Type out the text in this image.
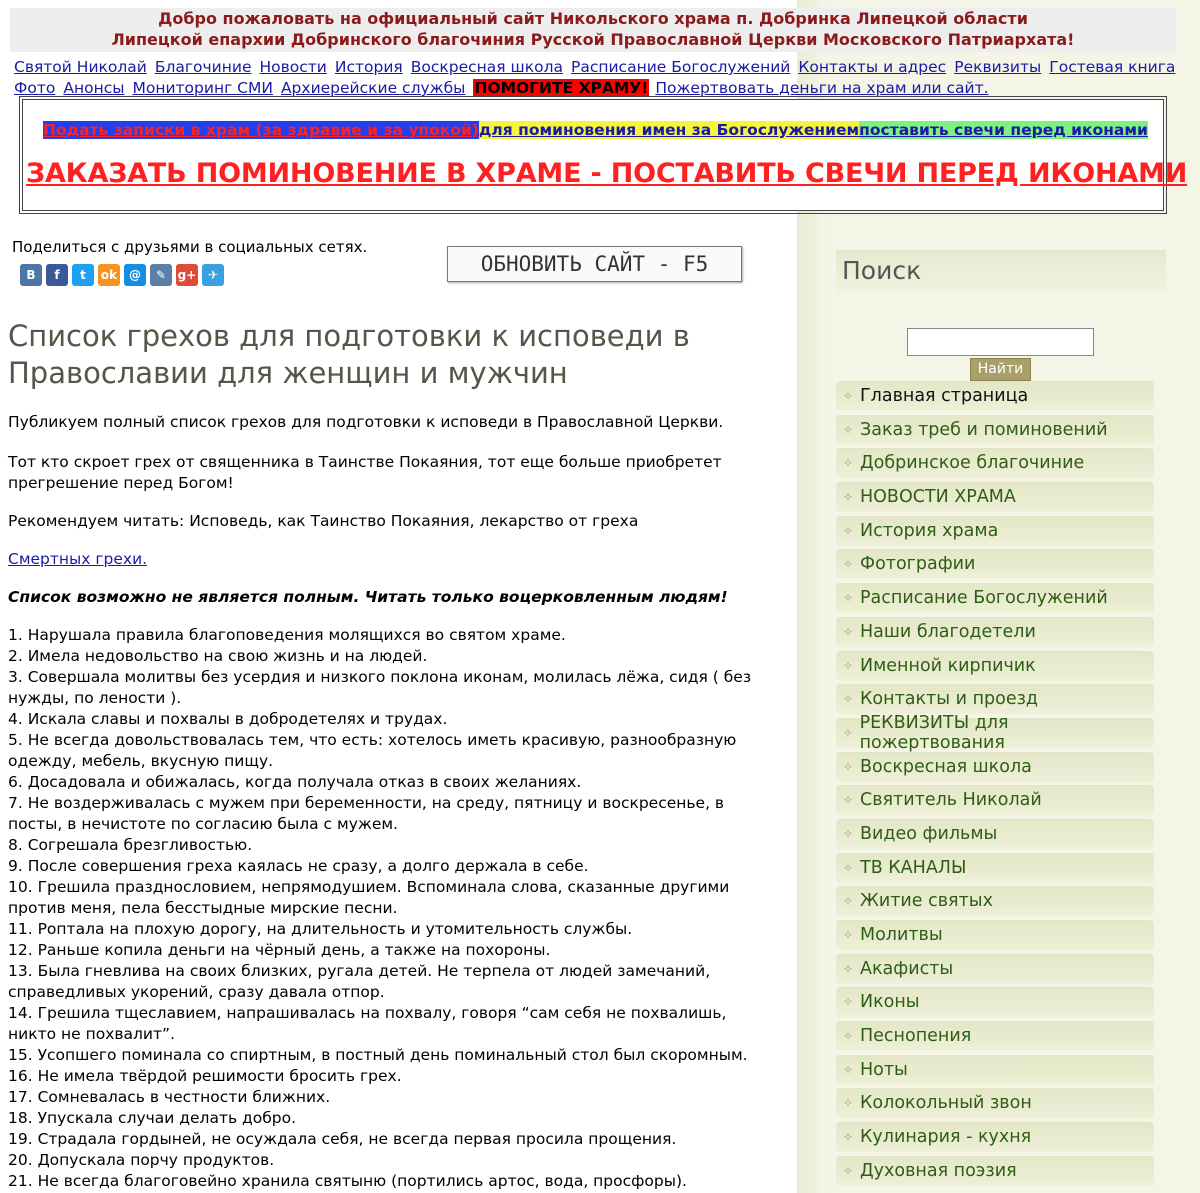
Добро пожаловать на официальный сайт Никольского храма п. Добринка Липецкой области
Липецкой епархии Добринского благочиния Русской Православной Церкви Московского Патриархата!
Святой Николай Благочиние Новости История Воскресная школа Расписание Богослужений Контакты и адрес Реквизиты Гостевая книга
Фото Анонсы Мониторинг СМИ Архиерейские службы ПОМОГИТЕ ХРАМУ! Пожертвовать деньги на храм или сайт.
Подать записки в храм (за здравие и за упокой)для поминовения имен за Богослужениемпоставить свечи перед иконами
ЗАКАЗАТЬ ПОМИНОВЕНИЕ В ХРАМЕ - ПОСТАВИТЬ СВЕЧИ ПЕРЕД ИКОНАМИ
Поделиться с друзьями в социальных сетях.
В	f	t	ok @	✎ g+ ✈	ОБНОВИТЬ САЙТ - F5
Список грехов для подготовки к исповеди в Православии для женщин и мужчин

Публикуем полный список грехов для подготовки к исповеди в Православной Церкви.

Тот кто скроет грех от священника в Таинстве Покаяния, тот еще больше приобретет прегрешение перед Богом!

Рекомендуем читать: Исповедь, как Таинство Покаяния, лекарство от греха

Смертных грехи.

Список возможно не является полным. Читать только воцерковленным людям!

1. Нарушала правила благоповедения молящихся во святом храме.
2. Имела недовольство на свою жизнь и на людей.
3. Совершала молитвы без усердия и низкого поклона иконам, молилась лёжа, сидя ( без нужды, по лености ).
4. Искала славы и похвалы в добродетелях и трудах.
5. Не всегда довольствовалась тем, что есть: хотелось иметь красивую, разнообразную одежду, мебель, вкусную пищу.
6. Досадовала и обижалась, когда получала отказ в своих желаниях.
7. Не воздерживалась с мужем при беременности, на среду, пятницу и воскресенье, в посты, в нечистоте по согласию была с мужем.
8. Согрешала брезгливостью.
9. После совершения греха каялась не сразу, а долго держала в себе.
10. Грешила празднословием, непрямодушием. Вспоминала слова, сказанные другими против меня, пела бесстыдные мирские песни.
11. Роптала на плохую дорогу, на длительность и утомительность службы.
12. Раньше копила деньги на чёрный день, а также на похороны.
13. Была гневлива на своих близких, ругала детей. Не терпела от людей замечаний, справедливых укорений, сразу давала отпор.
14. Грешила тщеславием, напрашивалась на похвалу, говоря “сам себя не похвалишь, никто не похвалит”.
15. Усопшего поминала со спиртным, в постный день поминальный стол был скоромным.
16. Не имела твёрдой решимости бросить грех.
17. Сомневалась в честности ближних.
18. Упускала случаи делать добро.
19. Страдала гордыней, не осуждала себя, не всегда первая просила прощения.
20. Допускала порчу продуктов.
21. Не всегда благоговейно хранила святыню (портились артос, вода, просфоры).
Поиск
Найти
✧ Главная страница
✧ Заказ треб и поминовений
✧ Добринское благочиние
✧ НОВОСТИ ХРАМА
✧ История храма
✧ Фотографии
✧ Расписание Богослужений
✧ Наши благодетели
✧ Именной кирпичик
✧ Контакты и проезд
✧ РЕКВИЗИТЫ для пожертвования
✧ Воскресная школа
✧ Святитель Николай
✧ Видео фильмы
✧ ТВ КАНАЛЫ
✧ Житие святых
✧ Молитвы
✧ Акафисты
✧ Иконы
✧ Песнопения
✧ Ноты
✧ Колокольный звон
✧ Кулинария - кухня
✧ Духовная поэзия
